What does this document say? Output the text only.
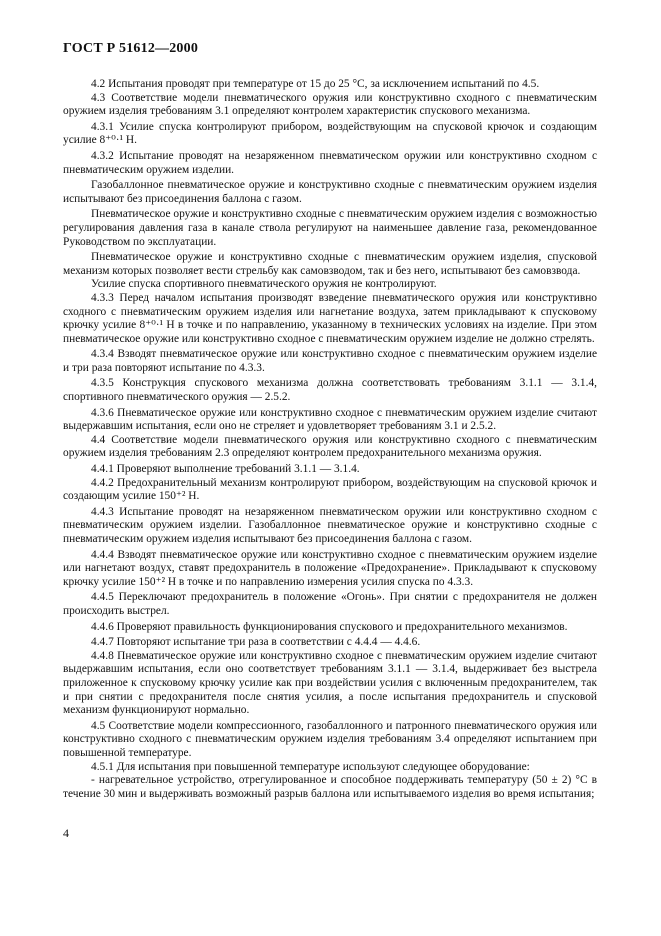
ГОСТ Р 51612—2000

4.2 Испытания проводят при температуре от 15 до 25 °С, за исключением испытаний по 4.5.

4.3 Соответствие модели пневматического оружия или конструктивно сходного с пневматическим оружием изделия требованиям 3.1 определяют контролем характеристик спускового механизма.

4.3.1 Усилие спуска контролируют прибором, воздействующим на спусковой крючок и создающим усилие 8⁺⁰·¹ Н.

4.3.2 Испытание проводят на незаряженном пневматическом оружии или конструктивно сходном с пневматическим оружием изделии.

Газобаллонное пневматическое оружие и конструктивно сходные с пневматическим оружием изделия испытывают без присоединения баллона с газом.

Пневматическое оружие и конструктивно сходные с пневматическим оружием изделия с возможностью регулирования давления газа в канале ствола регулируют на наименьшее давление газа, рекомендованное Руководством по эксплуатации.

Пневматическое оружие и конструктивно сходные с пневматическим оружием изделия, спусковой механизм которых позволяет вести стрельбу как самовзводом, так и без него, испытывают без самовзвода.

Усилие спуска спортивного пневматического оружия не контролируют.

4.3.3 Перед началом испытания производят взведение пневматического оружия или конструктивно сходного с пневматическим оружием изделия или нагнетание воздуха, затем прикладывают к спусковому крючку усилие 8⁺⁰·¹ Н в точке и по направлению, указанному в технических условиях на изделие. При этом пневматическое оружие или конструктивно сходное с пневматическим оружием изделие не должно стрелять.

4.3.4 Взводят пневматическое оружие или конструктивно сходное с пневматическим оружием изделие и три раза повторяют испытание по 4.3.3.

4.3.5 Конструкция спускового механизма должна соответствовать требованиям 3.1.1 — 3.1.4, спортивного пневматического оружия — 2.5.2.

4.3.6 Пневматическое оружие или конструктивно сходное с пневматическим оружием изделие считают выдержавшим испытания, если оно не стреляет и удовлетворяет требованиям 3.1 и 2.5.2.

4.4 Соответствие модели пневматического оружия или конструктивно сходного с пневматическим оружием изделия требованиям 2.3 определяют контролем предохранительного механизма оружия.

4.4.1 Проверяют выполнение требований 3.1.1 — 3.1.4.

4.4.2 Предохранительный механизм контролируют прибором, воздействующим на спусковой крючок и создающим усилие 150⁺² Н.

4.4.3 Испытание проводят на незаряженном пневматическом оружии или конструктивно сходном с пневматическим оружием изделии. Газобаллонное пневматическое оружие и конструктивно сходные с пневматическим оружием изделия испытывают без присоединения баллона с газом.

4.4.4 Взводят пневматическое оружие или конструктивно сходное с пневматическим оружием изделие или нагнетают воздух, ставят предохранитель в положение «Предохранение». Прикладывают к спусковому крючку усилие 150⁺² Н в точке и по направлению измерения усилия спуска по 4.3.3.

4.4.5 Переключают предохранитель в положение «Огонь». При снятии с предохранителя не должен происходить выстрел.

4.4.6 Проверяют правильность функционирования спускового и предохранительного механизмов.

4.4.7 Повторяют испытание три раза в соответствии с 4.4.4 — 4.4.6.

4.4.8 Пневматическое оружие или конструктивно сходное с пневматическим оружием изделие считают выдержавшим испытания, если оно соответствует требованиям 3.1.1 — 3.1.4, выдерживает без выстрела приложенное к спусковому крючку усилие как при воздействии усилия с включенным предохранителем, так и при снятии с предохранителя после снятия усилия, а после испытания предохранитель и спусковой механизм функционируют нормально.

4.5 Соответствие модели компрессионного, газобаллонного и патронного пневматического оружия или конструктивно сходного с пневматическим оружием изделия требованиям 3.4 определяют испытанием при повышенной температуре.

4.5.1 Для испытания при повышенной температуре используют следующее оборудование:

- нагревательное устройство, отрегулированное и способное поддерживать температуру (50 ± 2) °С в течение 30 мин и выдерживать возможный разрыв баллона или испытываемого изделия во время испытания;

4
